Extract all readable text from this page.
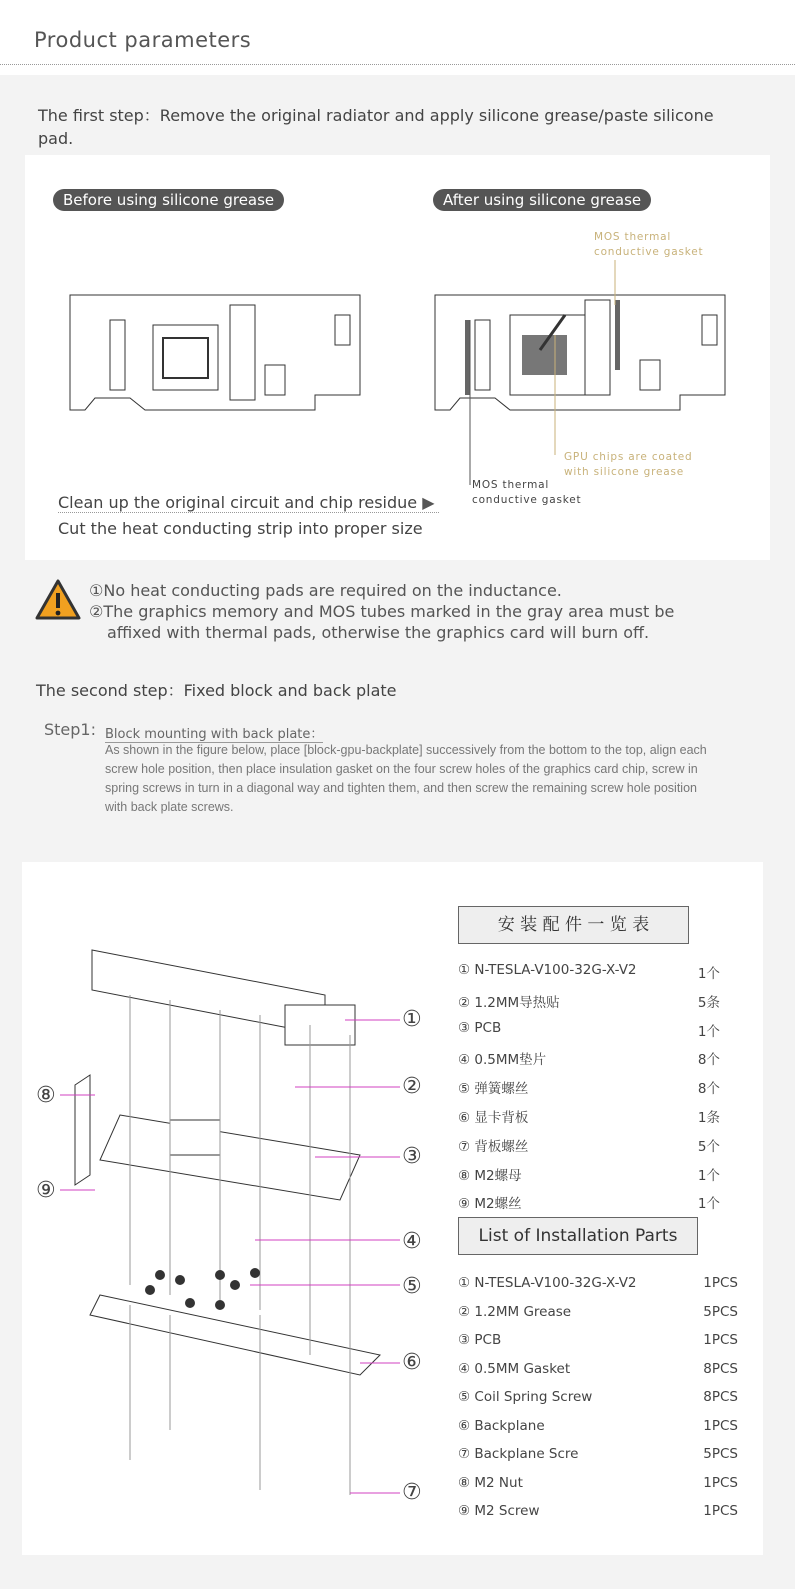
Product parameters
The first step：Remove the original radiator and apply silicone grease/paste silicone pad.
Before using silicone grease	After using silicone grease
MOS thermal conductive gasket
GPU chips are coated with silicone grease
MOS thermal conductive gasket
Clean up the original circuit and chip residue ▶
Cut the heat conducting strip into proper size
①No heat conducting pads are required on the inductance.
②The graphics memory and MOS tubes marked in the gray area must be
affixed with thermal pads, otherwise the graphics card will burn off.
The second step：Fixed block and back plate
Step1: Block mounting with back plate：
As shown in the figure below, place [block-gpu-backplate] successively from the bottom to the top, align each screw hole position, then place insulation gasket on the four screw holes of the graphics card chip, screw in spring screws in turn in a diagonal way and tighten them, and then screw the remaining screw hole position with back plate screws.
①
②
③
④
⑤
⑥
⑦
⑧
⑨
安 装 配 件 一 览 表
① N-TESLA-V100-32G-X-V2	1个
② 1.2MM导热贴	5条
③ PCB	1个
④ 0.5MM垫片	8个
⑤ 弹簧螺丝	8个
⑥ 显卡背板	1条
⑦ 背板螺丝	5个
⑧ M2螺母	1个
⑨ M2螺丝	1个
List of Installation Parts
① N-TESLA-V100-32G-X-V2	1PCS
② 1.2MM Grease	5PCS
③ PCB	1PCS
④ 0.5MM Gasket	8PCS
⑤ Coil Spring Screw	8PCS
⑥ Backplane	1PCS
⑦ Backplane Scre	5PCS
⑧ M2 Nut	1PCS
⑨ M2 Screw	1PCS
